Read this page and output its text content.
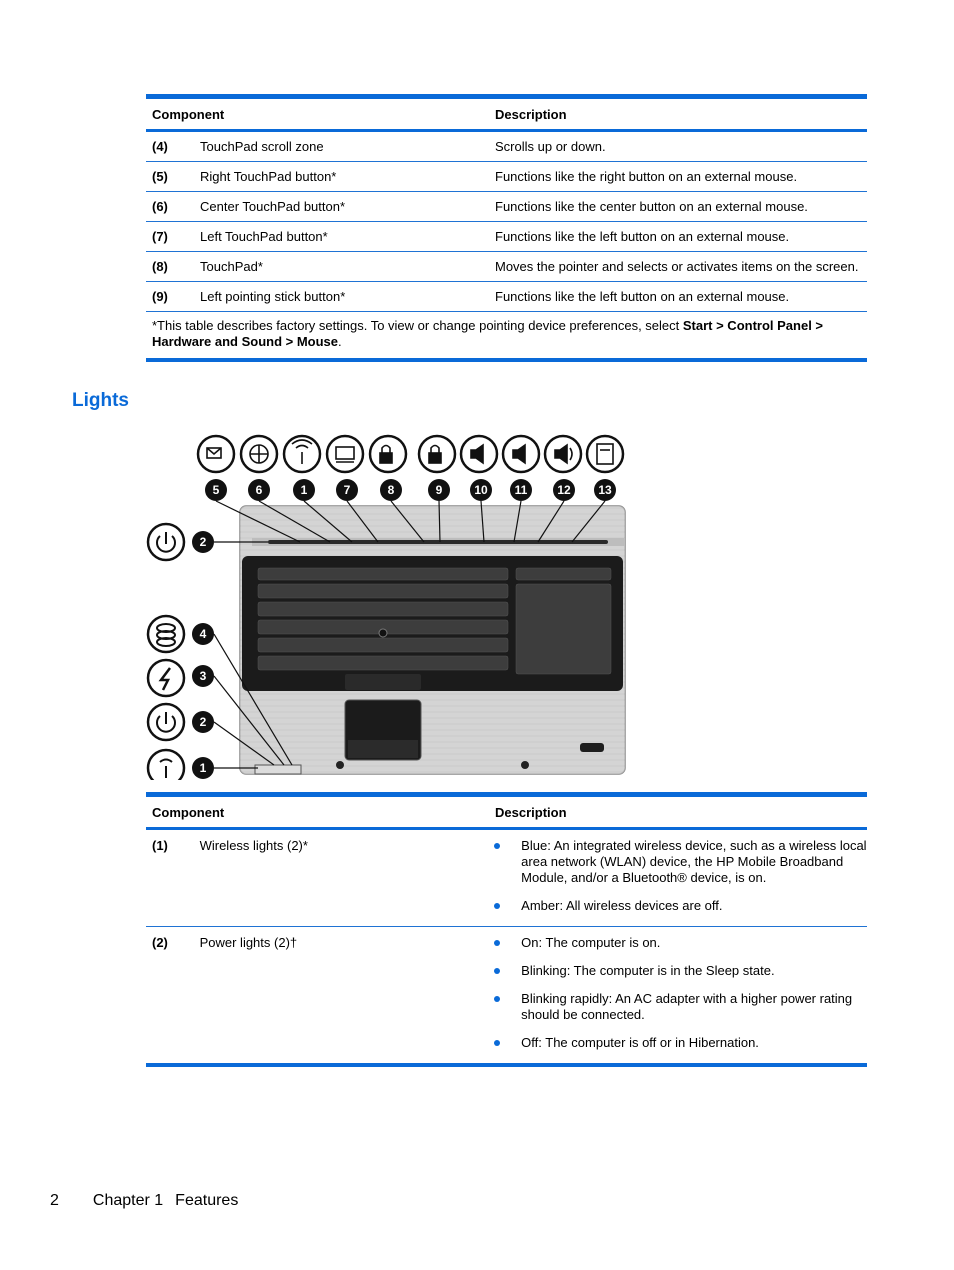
Component	Description
(4)	TouchPad scroll zone	Scrolls up or down.
(5)	Right TouchPad button*	Functions like the right button on an external mouse.
(6)	Center TouchPad button*	Functions like the center button on an external mouse.
(7)	Left TouchPad button*	Functions like the left button on an external mouse.
(8)	TouchPad*	Moves the pointer and selects or activates items on the screen.
(9)	Left pointing stick button*	Functions like the left button on an external mouse.
*This table describes factory settings. To view or change pointing device preferences, select Start > Control Panel > Hardware and Sound > Mouse.
Lights
5	6	1	7	8	9	10 11 12 13
2
4
3
2
1
Component	Description
(1)	Wireless lights (2)*	Blue: An integrated wireless device, such as a wireless local area network (WLAN) device, the HP Mobile Broadband Module, and/or a Bluetooth® device, is on.
Amber: All wireless devices are off.
(2)	Power lights (2)†	On: The computer is on.
Blinking: The computer is in the Sleep state.
Blinking rapidly: An AC adapter with a higher power rating should be connected.
Off: The computer is off or in Hibernation.
2 Chapter 1 Features
